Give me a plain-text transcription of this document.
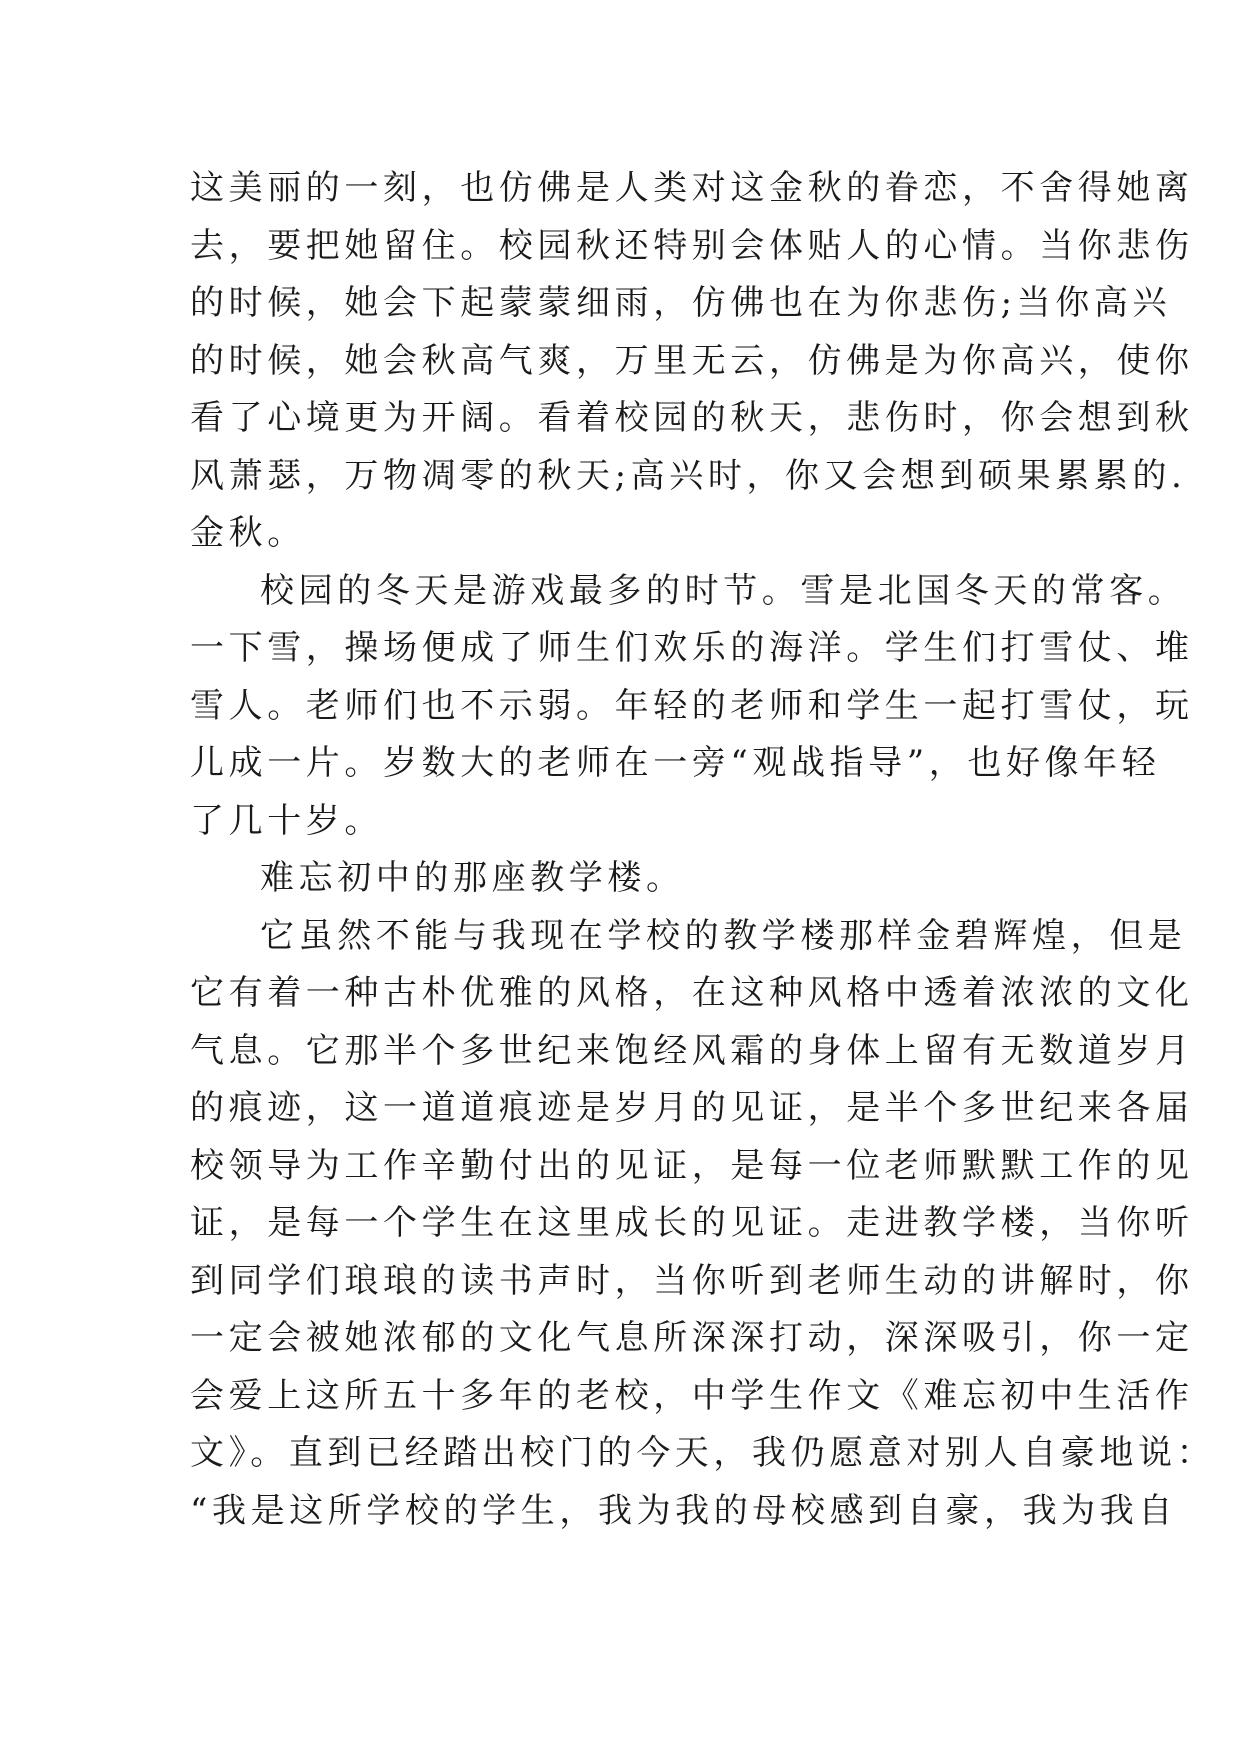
这美丽的一刻，也仿佛是人类对这金秋的眷恋，不舍得她离
去，要把她留住。校园秋还特别会体贴人的心情。当你悲伤
的时候，她会下起蒙蒙细雨，仿佛也在为你悲伤;当你高兴
的时候，她会秋高气爽，万里无云，仿佛是为你高兴，使你
看了心境更为开阔。看着校园的秋天，悲伤时，你会想到秋
风萧瑟，万物凋零的秋天;高兴时，你又会想到硕果累累的.
金秋。
校园的冬天是游戏最多的时节。雪是北国冬天的常客。
一下雪，操场便成了师生们欢乐的海洋。学生们打雪仗、堆
雪人。老师们也不示弱。年轻的老师和学生一起打雪仗，玩
儿成一片。岁数大的老师在一旁“观战指导”，也好像年轻
了几十岁。
难忘初中的那座教学楼。
它虽然不能与我现在学校的教学楼那样金碧辉煌，但是
它有着一种古朴优雅的风格，在这种风格中透着浓浓的文化
气息。它那半个多世纪来饱经风霜的身体上留有无数道岁月
的痕迹，这一道道痕迹是岁月的见证，是半个多世纪来各届
校领导为工作辛勤付出的见证，是每一位老师默默工作的见
证，是每一个学生在这里成长的见证。走进教学楼，当你听
到同学们琅琅的读书声时，当你听到老师生动的讲解时，你
一定会被她浓郁的文化气息所深深打动，深深吸引，你一定
会爱上这所五十多年的老校，中学生作文《难忘初中生活作
文》。直到已经踏出校门的今天，我仍愿意对别人自豪地说：
“我是这所学校的学生，我为我的母校感到自豪，我为我自
